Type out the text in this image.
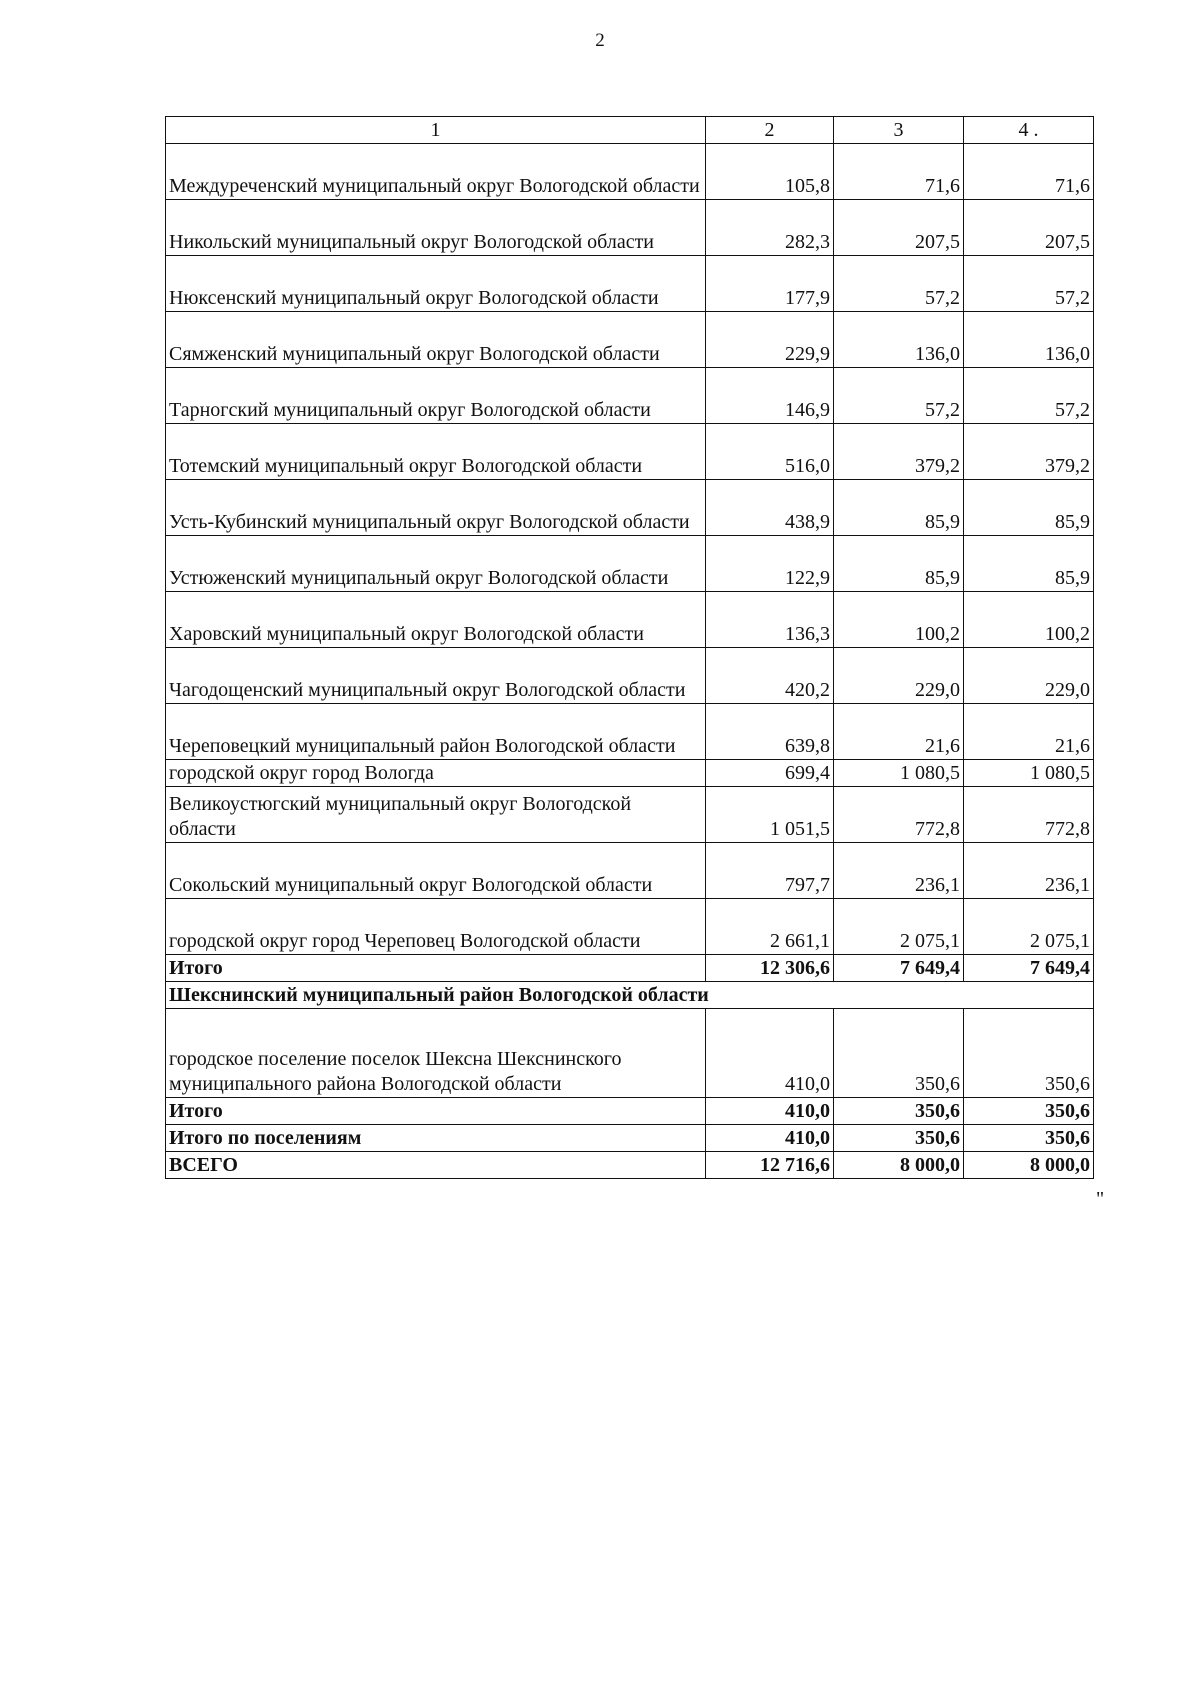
2
1	2	3	4 .
Междуреченский муниципальный округ Вологодской области	105,8	71,6	71,6
Никольский муниципальный округ Вологодской области	282,3	207,5	207,5
Нюксенский муниципальный округ Вологодской области	177,9	57,2	57,2
Сямженский муниципальный округ Вологодской области	229,9	136,0	136,0
Тарногский муниципальный округ Вологодской области	146,9	57,2	57,2
Тотемский муниципальный округ Вологодской области	516,0	379,2	379,2
Усть-Кубинский муниципальный округ Вологодской области	438,9	85,9	85,9
Устюженский муниципальный округ Вологодской области	122,9	85,9	85,9
Харовский муниципальный округ Вологодской области	136,3	100,2	100,2
Чагодощенский муниципальный округ Вологодской области	420,2	229,0	229,0
Череповецкий муниципальный район Вологодской области	639,8	21,6	21,6
городской округ город Вологда	699,4	1 080,5	1 080,5
Великоустюгский муниципальный округ Вологодской области	1 051,5	772,8	772,8
Сокольский муниципальный округ Вологодской области	797,7	236,1	236,1
городской округ город Череповец Вологодской области	2 661,1	2 075,1	2 075,1
Итого	12 306,6	7 649,4	7 649,4
Шекснинский муниципальный район Вологодской области			
городское поселение поселок Шексна Шекснинского муниципального района Вологодской области	410,0	350,6	350,6
Итого	410,0	350,6	350,6
Итого по поселениям	410,0	350,6	350,6
ВСЕГО	12 716,6	8 000,0	8 000,0
"
